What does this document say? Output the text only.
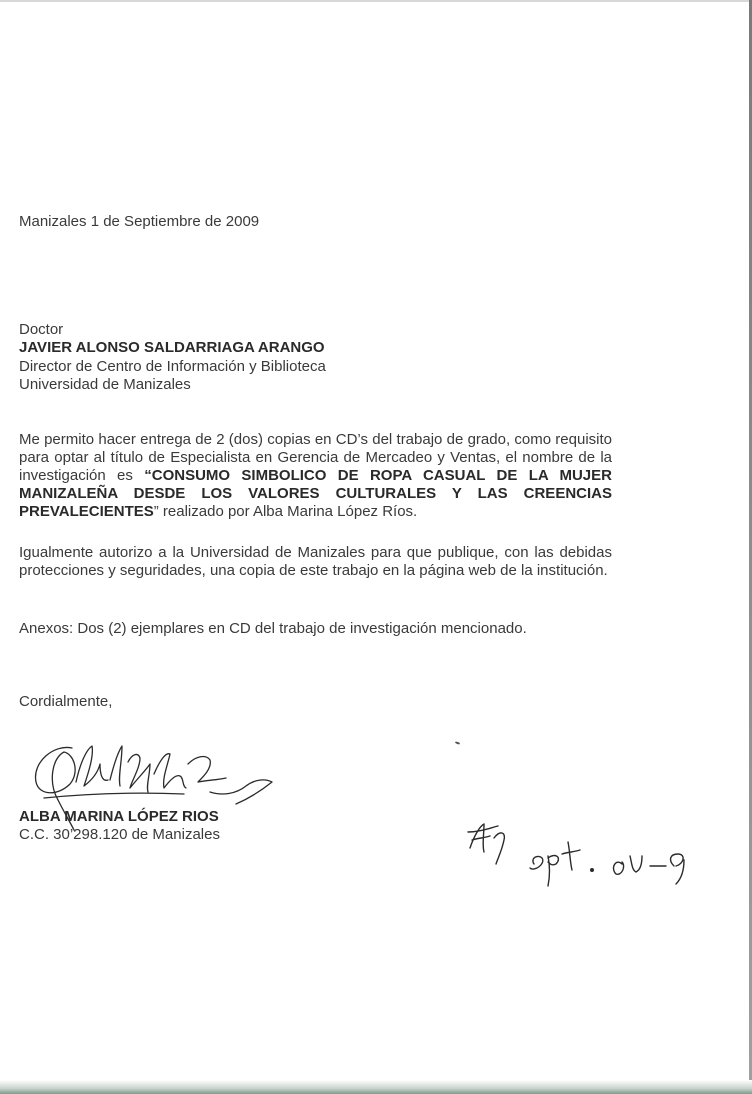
Manizales 1 de Septiembre de 2009
Doctor
JAVIER ALONSO SALDARRIAGA ARANGO
Director de Centro de Información y Biblioteca
Universidad de Manizales
Me permito hacer entrega de 2 (dos) copias en CD’s del trabajo de grado, como requisito para optar al título de Especialista en Gerencia de Mercadeo y Ventas, el nombre de la investigación es “CONSUMO SIMBOLICO DE ROPA CASUAL DE LA MUJER MANIZALEÑA DESDE LOS VALORES CULTURALES Y LAS CREENCIAS PREVALECIENTES” realizado por Alba Marina López Ríos.
Igualmente autorizo a la Universidad de Manizales para que publique, con las debidas protecciones y seguridades, una copia de este trabajo en la página web de la institución.
Anexos: Dos (2) ejemplares en CD del trabajo de investigación mencionado.
Cordialmente,
ALBA MARINA LÓPEZ RIOS
C.C. 30’298.120 de Manizales
